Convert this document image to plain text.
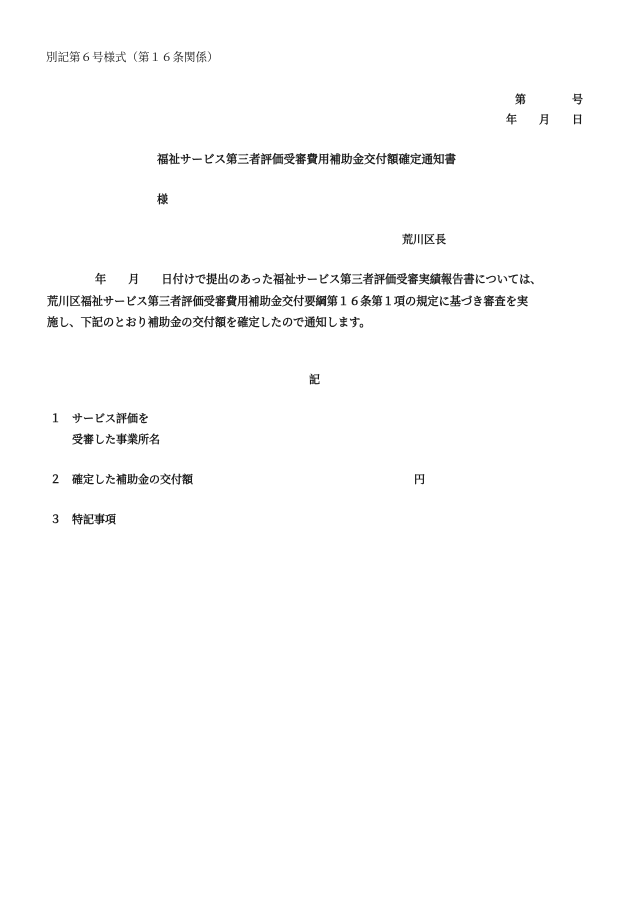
別記第６号様式（第１６条関係）
第	号
年 月 日
福祉サービス第三者評価受審費用補助金交付額確定通知書
様
荒川区長
年 月 日付けで提出のあった福祉サービス第三者評価受審実績報告書については、
荒川区福祉サービス第三者評価受審費用補助金交付要綱第１６条第１項の規定に基づき審査を実
施し、下記のとおり補助金の交付額を確定したので通知します。
記
１ サービス評価を
受審した事業所名
２ 確定した補助金の交付額	円
３ 特記事項
